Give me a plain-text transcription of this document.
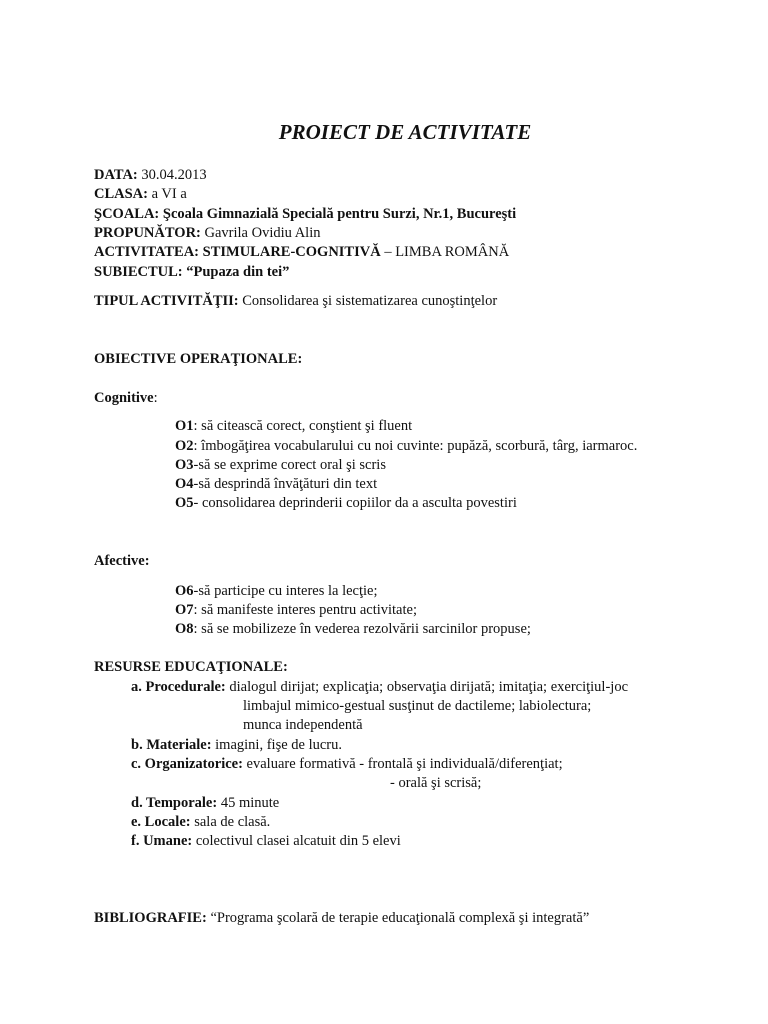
PROIECT DE ACTIVITATE
DATA: 30.04.2013
CLASA: a VI a
ŞCOALA: Şcoala Gimnazială Specială pentru Surzi, Nr.1, Bucureşti
PROPUNĂTOR: Gavrila Ovidiu Alin
ACTIVITATEA: STIMULARE-COGNITIVĂ – LIMBA ROMÂNĂ
SUBIECTUL: “Pupaza din tei”
TIPUL ACTIVITĂŢII: Consolidarea şi sistematizarea cunoştinţelor
OBIECTIVE OPERAŢIONALE:
Cognitive:
O1: să citească corect, conştient şi fluent
O2: îmbogăţirea vocabularului cu noi cuvinte: pupăză, scorbură, târg, iarmaroc.
O3-să se exprime corect oral şi scris
O4-să desprindă învăţături din text
O5- consolidarea deprinderii copiilor da a asculta povestiri
Afective:
O6-să participe cu interes la lecţie;
O7: să manifeste interes pentru activitate;
O8: să se mobilizeze în vederea rezolvării sarcinilor propuse;
RESURSE EDUCAŢIONALE:
a. Procedurale: dialogul dirijat; explicaţia; observaţia dirijată; imitaţia; exerciţiul-joc
limbajul mimico-gestual susţinut de dactileme; labiolectura;
munca independentă
b. Materiale: imagini, fişe de lucru.
c. Organizatorice: evaluare formativă - frontală şi individuală/diferenţiat;
- orală şi scrisă;
d. Temporale: 45 minute
e. Locale: sala de clasă.
f. Umane: colectivul clasei alcatuit din 5 elevi
BIBLIOGRAFIE: “Programa şcolară de terapie educaţională complexă şi integrată”
